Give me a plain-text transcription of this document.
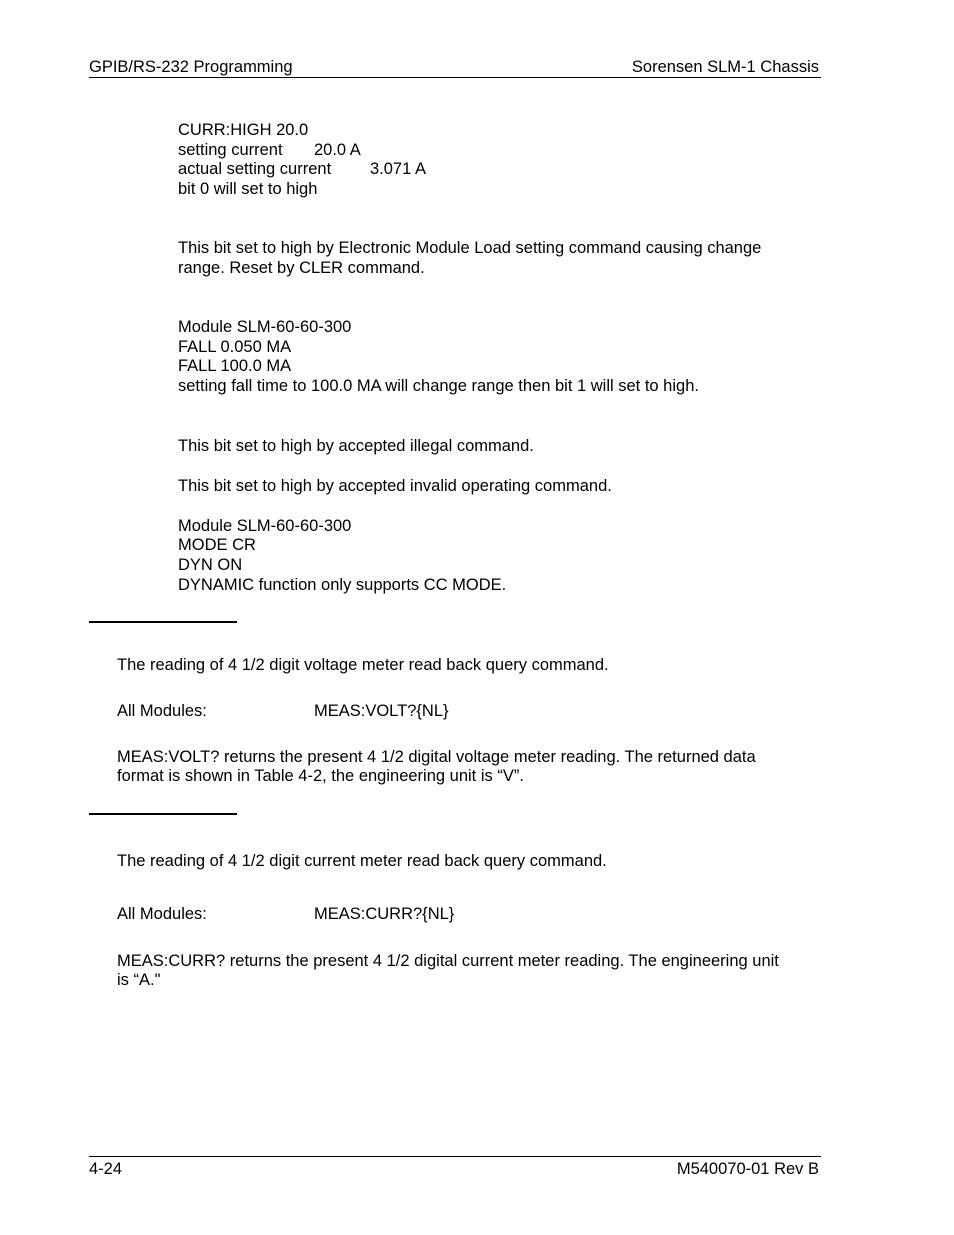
GPIB/RS-232 Programming	Sorensen SLM-1 Chassis
CURR:HIGH 20.0
setting current 20.0 A
actual setting current 3.071 A
bit 0 will set to high
This bit set to high by Electronic Module Load setting command causing change
range. Reset by CLER command.
Module SLM-60-60-300
FALL 0.050 MA
FALL 100.0 MA
setting fall time to 100.0 MA will change range then bit 1 will set to high.
This bit set to high by accepted illegal command.
This bit set to high by accepted invalid operating command.
Module SLM-60-60-300
MODE CR
DYN ON
DYNAMIC function only supports CC MODE.
The reading of 4 1/2 digit voltage meter read back query command.
All Modules:	MEAS:VOLT?{NL}
MEAS:VOLT? returns the present 4 1/2 digital voltage meter reading. The returned data
format is shown in Table 4-2, the engineering unit is “V”.
The reading of 4 1/2 digit current meter read back query command.
All Modules:	MEAS:CURR?{NL}
MEAS:CURR? returns the present 4 1/2 digital current meter reading. The engineering unit
is “A."
4-24	M540070-01 Rev B
